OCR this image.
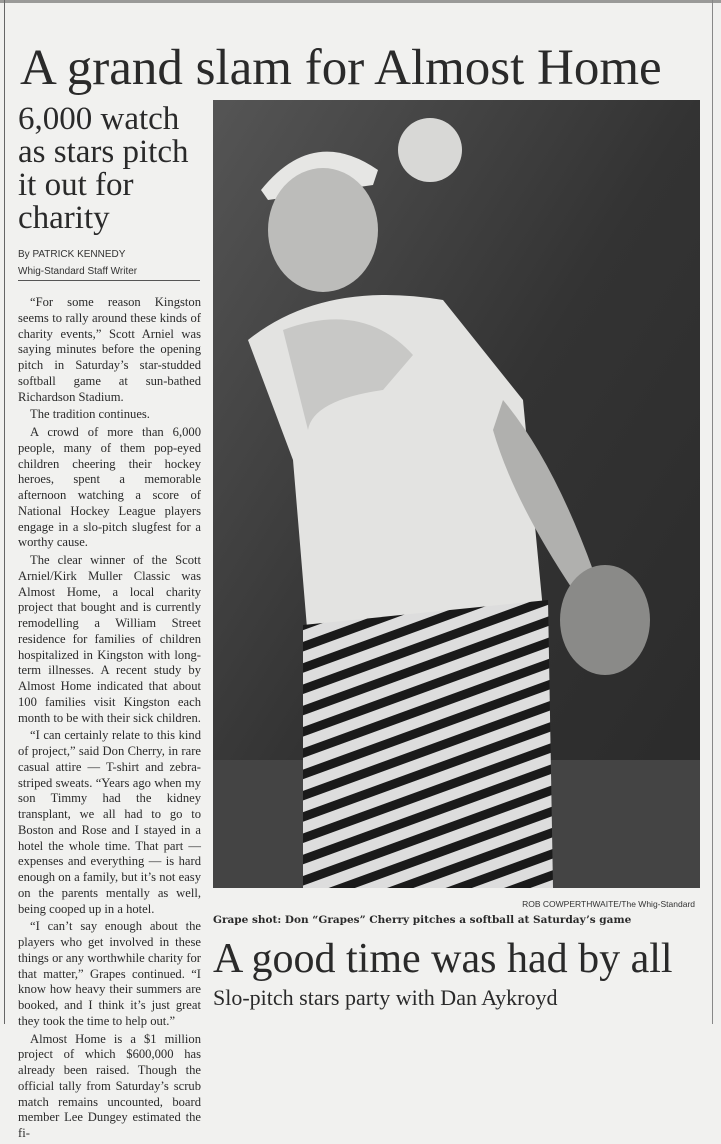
A grand slam for Almost Home
6,000 watch as stars pitch it out for charity
By PATRICK KENNEDY
Whig-Standard Staff Writer

“For some reason Kingston seems to rally around these kinds of charity events,” Scott Arniel was saying minutes before the opening pitch in Saturday’s star-studded softball game at sun-bathed Richardson Stadium.

The tradition continues.

A crowd of more than 6,000 people, many of them pop-eyed children cheering their hockey heroes, spent a memorable afternoon watching a score of National Hockey League players engage in a slo-pitch slugfest for a worthy cause.

The clear winner of the Scott Arniel/Kirk Muller Classic was Almost Home, a local charity project that bought and is currently remodelling a William Street residence for families of children hospitalized in Kingston with long-term illnesses. A recent study by Almost Home indicated that about 100 families visit Kingston each month to be with their sick children.

“I can certainly relate to this kind of project,” said Don Cherry, in rare casual attire — T-shirt and zebra-striped sweats. “Years ago when my son Timmy had the kidney transplant, we all had to go to Boston and Rose and I stayed in a hotel the whole time. That part — expenses and everything — is hard enough on a family, but it’s not easy on the parents mentally as well, being cooped up in a hotel.

“I can’t say enough about the players who get involved in these things or any worthwhile charity for that matter,” Grapes continued. “I know how heavy their summers are booked, and I think it’s just great they took the time to help out.”

Almost Home is a $1 million project of which $600,000 has already been raised. Though the official tally from Saturday’s scrub match remains uncounted, board member Lee Dungey estimated the fi-

ROB COWPERTHWAITE/The Whig-Standard
Grape shot: Don “Grapes” Cherry pitches a softball at Saturday’s game
A good time was had by all
Slo-pitch stars party with Dan Aykroyd
